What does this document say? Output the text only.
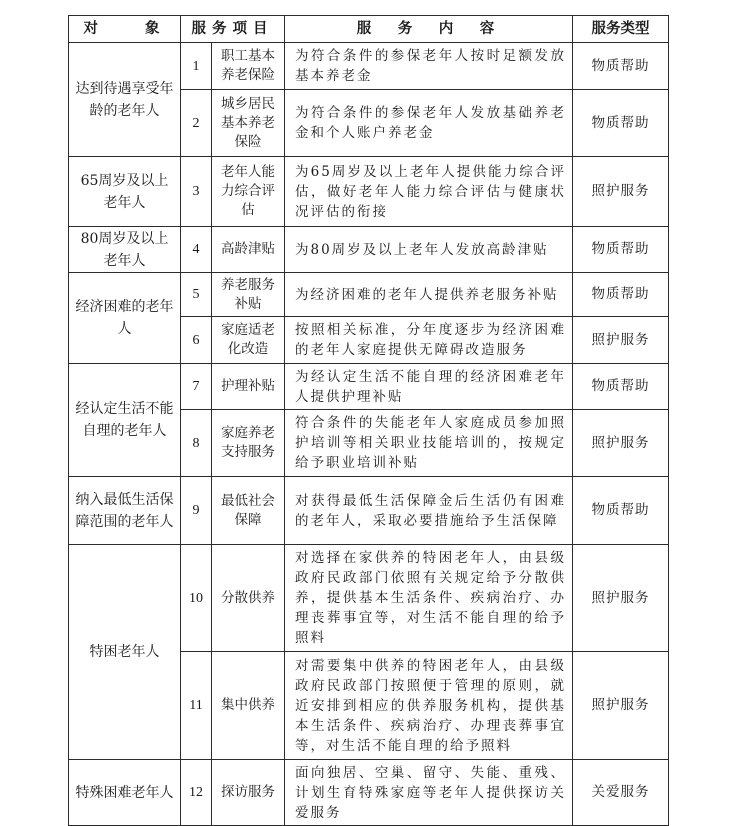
对　　象	服务项目		服　务　内　容	服务类型
达到待遇享受年龄的老年人	1	职工基本养老保险	为符合条件的参保老年人按时足额发放基本养老金	物质帮助
	2	城乡居民基本养老保险	为符合条件的参保老年人发放基础养老金和个人账户养老金	物质帮助
65周岁及以上老年人	3	老年人能力综合评估	为65周岁及以上老年人提供能力综合评估，做好老年人能力综合评估与健康状况评估的衔接	照护服务
80周岁及以上老年人	4	高龄津贴	为80周岁及以上老年人发放高龄津贴	物质帮助
经济困难的老年人	5	养老服务补贴	为经济困难的老年人提供养老服务补贴	物质帮助
	6	家庭适老化改造	按照相关标准，分年度逐步为经济困难的老年人家庭提供无障碍改造服务	照护服务
经认定生活不能自理的老年人	7	护理补贴	为经认定生活不能自理的经济困难老年人提供护理补贴	物质帮助
	8	家庭养老支持服务	符合条件的失能老年人家庭成员参加照护培训等相关职业技能培训的，按规定给予职业培训补贴	照护服务
纳入最低生活保障范围的老年人	9	最低社会保障	对获得最低生活保障金后生活仍有困难的老年人，采取必要措施给予生活保障	物质帮助
特困老年人	10	分散供养	对选择在家供养的特困老年人，由县级政府民政部门依照有关规定给予分散供养，提供基本生活条件、疾病治疗、办理丧葬事宜等，对生活不能自理的给予照料	照护服务
	11	集中供养	对需要集中供养的特困老年人，由县级政府民政部门按照便于管理的原则，就近安排到相应的供养服务机构，提供基本生活条件、疾病治疗、办理丧葬事宜等，对生活不能自理的给予照料	照护服务
特殊困难老年人	12	探访服务	面向独居、空巢、留守、失能、重残、计划生育特殊家庭等老年人提供探访关爱服务	关爱服务
